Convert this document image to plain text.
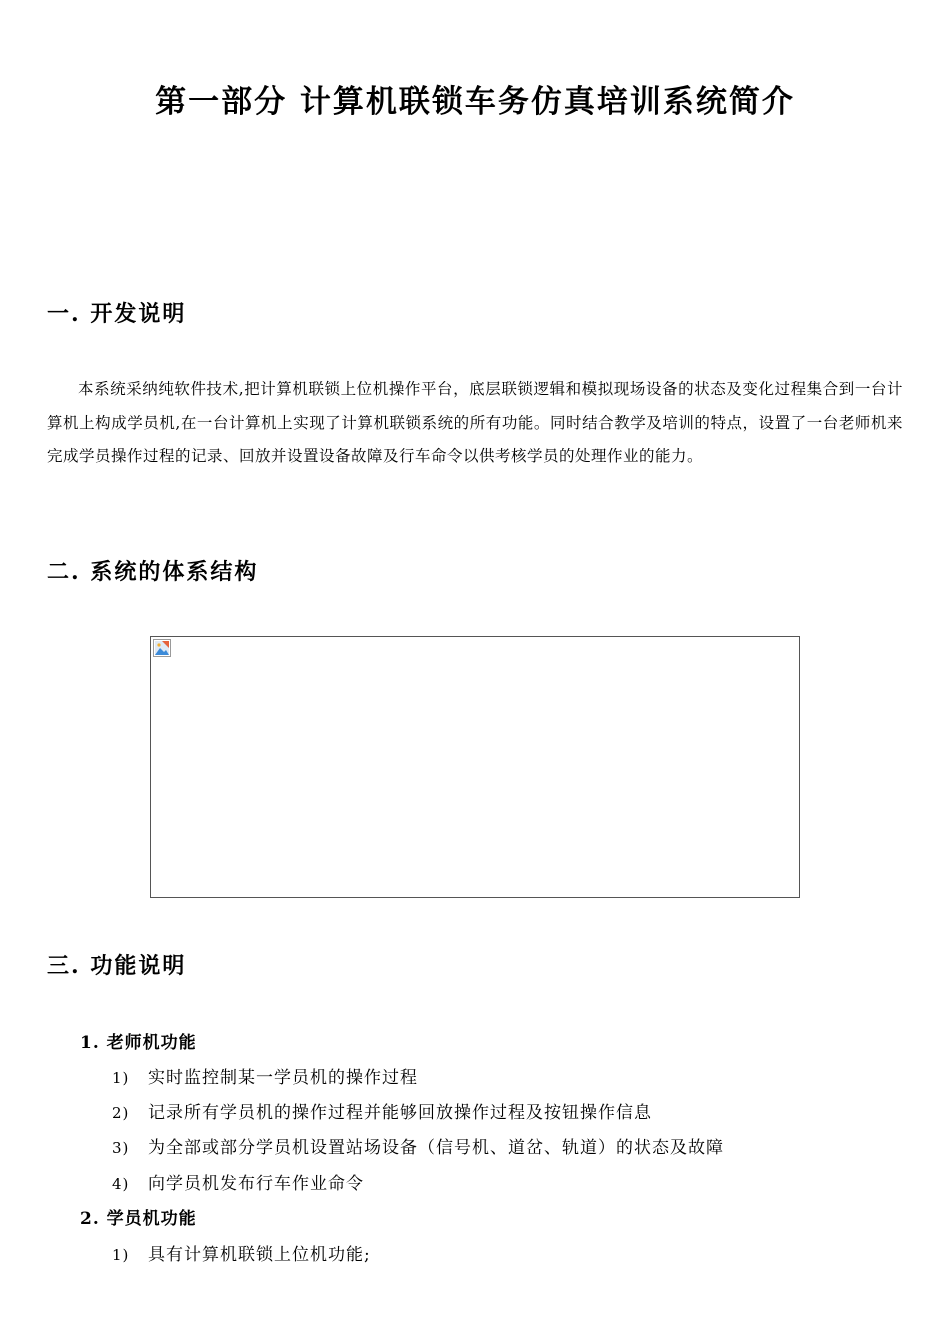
第一部分 计算机联锁车务仿真培训系统简介
一. 开发说明

本系统采纳纯软件技术,把计算机联锁上位机操作平台，底层联锁逻辑和模拟现场设备的状态及变化过程集合到一台计算机上构成学员机,在一台计算机上实现了计算机联锁系统的所有功能。同时结合教学及培训的特点，设置了一台老师机来完成学员操作过程的记录、回放并设置设备故障及行车命令以供考核学员的处理作业的能力。

二. 系统的体系结构
三. 功能说明
1. 老师机功能
1) 实时监控制某一学员机的操作过程
2) 记录所有学员机的操作过程并能够回放操作过程及按钮操作信息
3) 为全部或部分学员机设置站场设备（信号机、道岔、轨道）的状态及故障
4) 向学员机发布行车作业命令
2. 学员机功能
1) 具有计算机联锁上位机功能;
